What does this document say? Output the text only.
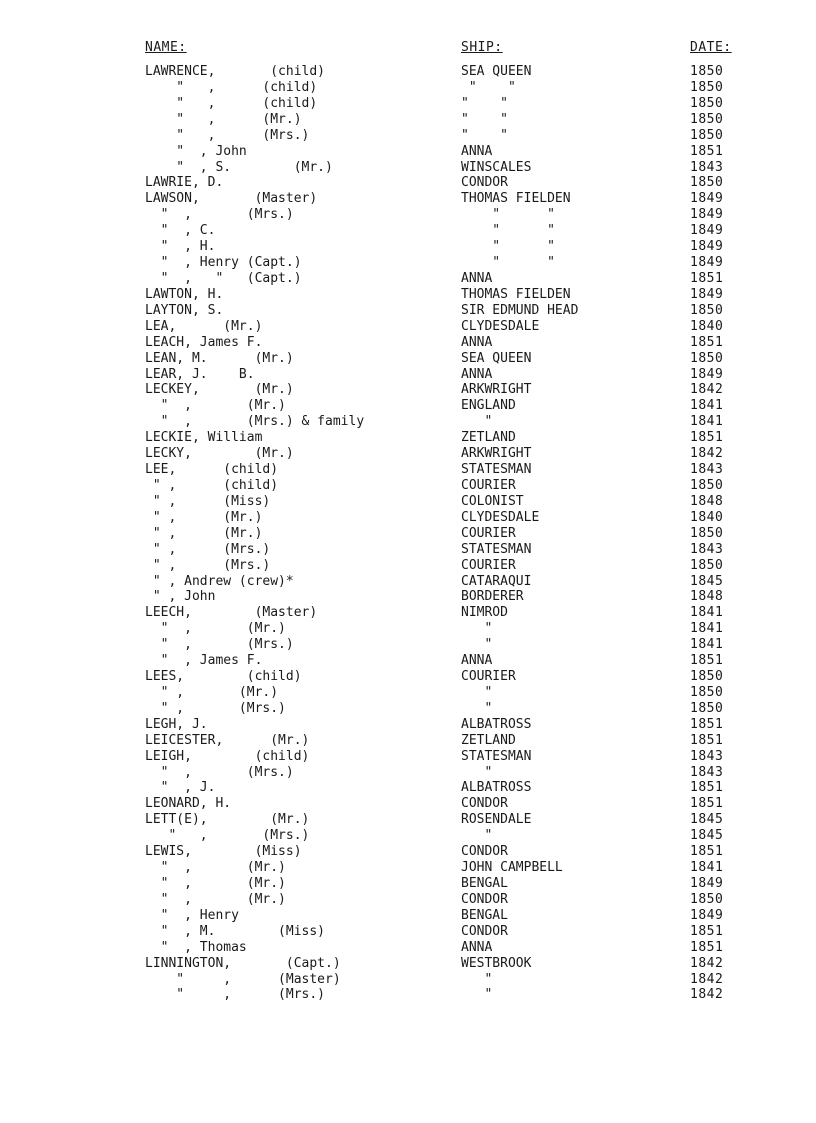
NAME:	SHIP:	DATE:
LAWRENCE,       (child)	SEA QUEEN	1850
"   ,      (child)	"    "	1850
"   ,      (child)	"    "	1850
"   ,      (Mr.)	"    "	1850
"   ,      (Mrs.)	"    "	1850
"  , John	ANNA	1851
"  , S.        (Mr.)	WINSCALES	1843
LAWRIE, D.	CONDOR	1850
LAWSON,       (Master)	THOMAS FIELDEN	1849
"  ,       (Mrs.)	"      "	1849
"  , C.	"      "	1849
"  , H.	"      "	1849
"  , Henry (Capt.)	"      "	1849
"  ,   "   (Capt.)	ANNA	1851
LAWTON, H.	THOMAS FIELDEN	1849
LAYTON, S.	SIR EDMUND HEAD	1850
LEA,      (Mr.)	CLYDESDALE	1840
LEACH, James F.	ANNA	1851
LEAN, M.      (Mr.)	SEA QUEEN	1850
LEAR, J.    B.	ANNA	1849
LECKEY,       (Mr.)	ARKWRIGHT	1842
"  ,       (Mr.)	ENGLAND	1841
"  ,       (Mrs.) & family	"	1841
LECKIE, William	ZETLAND	1851
LECKY,        (Mr.)	ARKWRIGHT	1842
LEE,      (child)	STATESMAN	1843
" ,      (child)	COURIER	1850
" ,      (Miss)	COLONIST	1848
" ,      (Mr.)	CLYDESDALE	1840
" ,      (Mr.)	COURIER	1850
" ,      (Mrs.)	STATESMAN	1843
" ,      (Mrs.)	COURIER	1850
" , Andrew (crew)*	CATARAQUI	1845
" , John	BORDERER	1848
LEECH,        (Master)	NIMROD	1841
"  ,       (Mr.)	"	1841
"  ,       (Mrs.)	"	1841
"  , James F.	ANNA	1851
LEES,        (child)	COURIER	1850
" ,       (Mr.)	"	1850
" ,       (Mrs.)	"	1850
LEGH, J.	ALBATROSS	1851
LEICESTER,      (Mr.)	ZETLAND	1851
LEIGH,        (child)	STATESMAN	1843
"  ,       (Mrs.)	"	1843
"  , J.	ALBATROSS	1851
LEONARD, H.	CONDOR	1851
LETT(E),        (Mr.)	ROSENDALE	1845
"   ,       (Mrs.)	"	1845
LEWIS,        (Miss)	CONDOR	1851
"  ,       (Mr.)	JOHN CAMPBELL	1841
"  ,       (Mr.)	BENGAL	1849
"  ,       (Mr.)	CONDOR	1850
"  , Henry	BENGAL	1849
"  , M.        (Miss)	CONDOR	1851
"  , Thomas	ANNA	1851
LINNINGTON,       (Capt.)	WESTBROOK	1842
"     ,      (Master)	"	1842
"     ,      (Mrs.)	"	1842
